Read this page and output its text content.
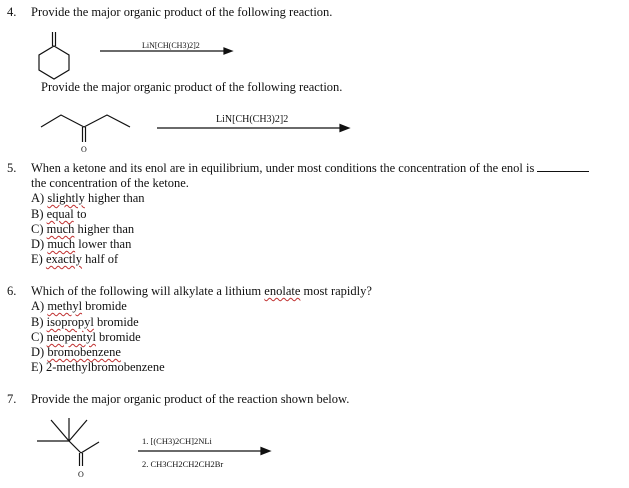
4. Provide the major organic product of the following reaction.
LiN[CH(CH3)2]2
Provide the major organic product of the following reaction.
LiN[CH(CH3)2]2
O
5. When a ketone and its enol are in equilibrium, under most conditions the concentration of the enol is
the concentration of the ketone.
A) slightly higher than
B) equal to
C) much higher than
D) much lower than
E) exactly half of
6. Which of the following will alkylate a lithium enolate most rapidly?
A) methyl bromide
B) isopropyl bromide
C) neopentyl bromide
D) bromobenzene
E) 2-methylbromobenzene
7. Provide the major organic product of the reaction shown below.
1. [(CH3)2CH]2NLi
2. CH3CH2CH2CH2Br
O
